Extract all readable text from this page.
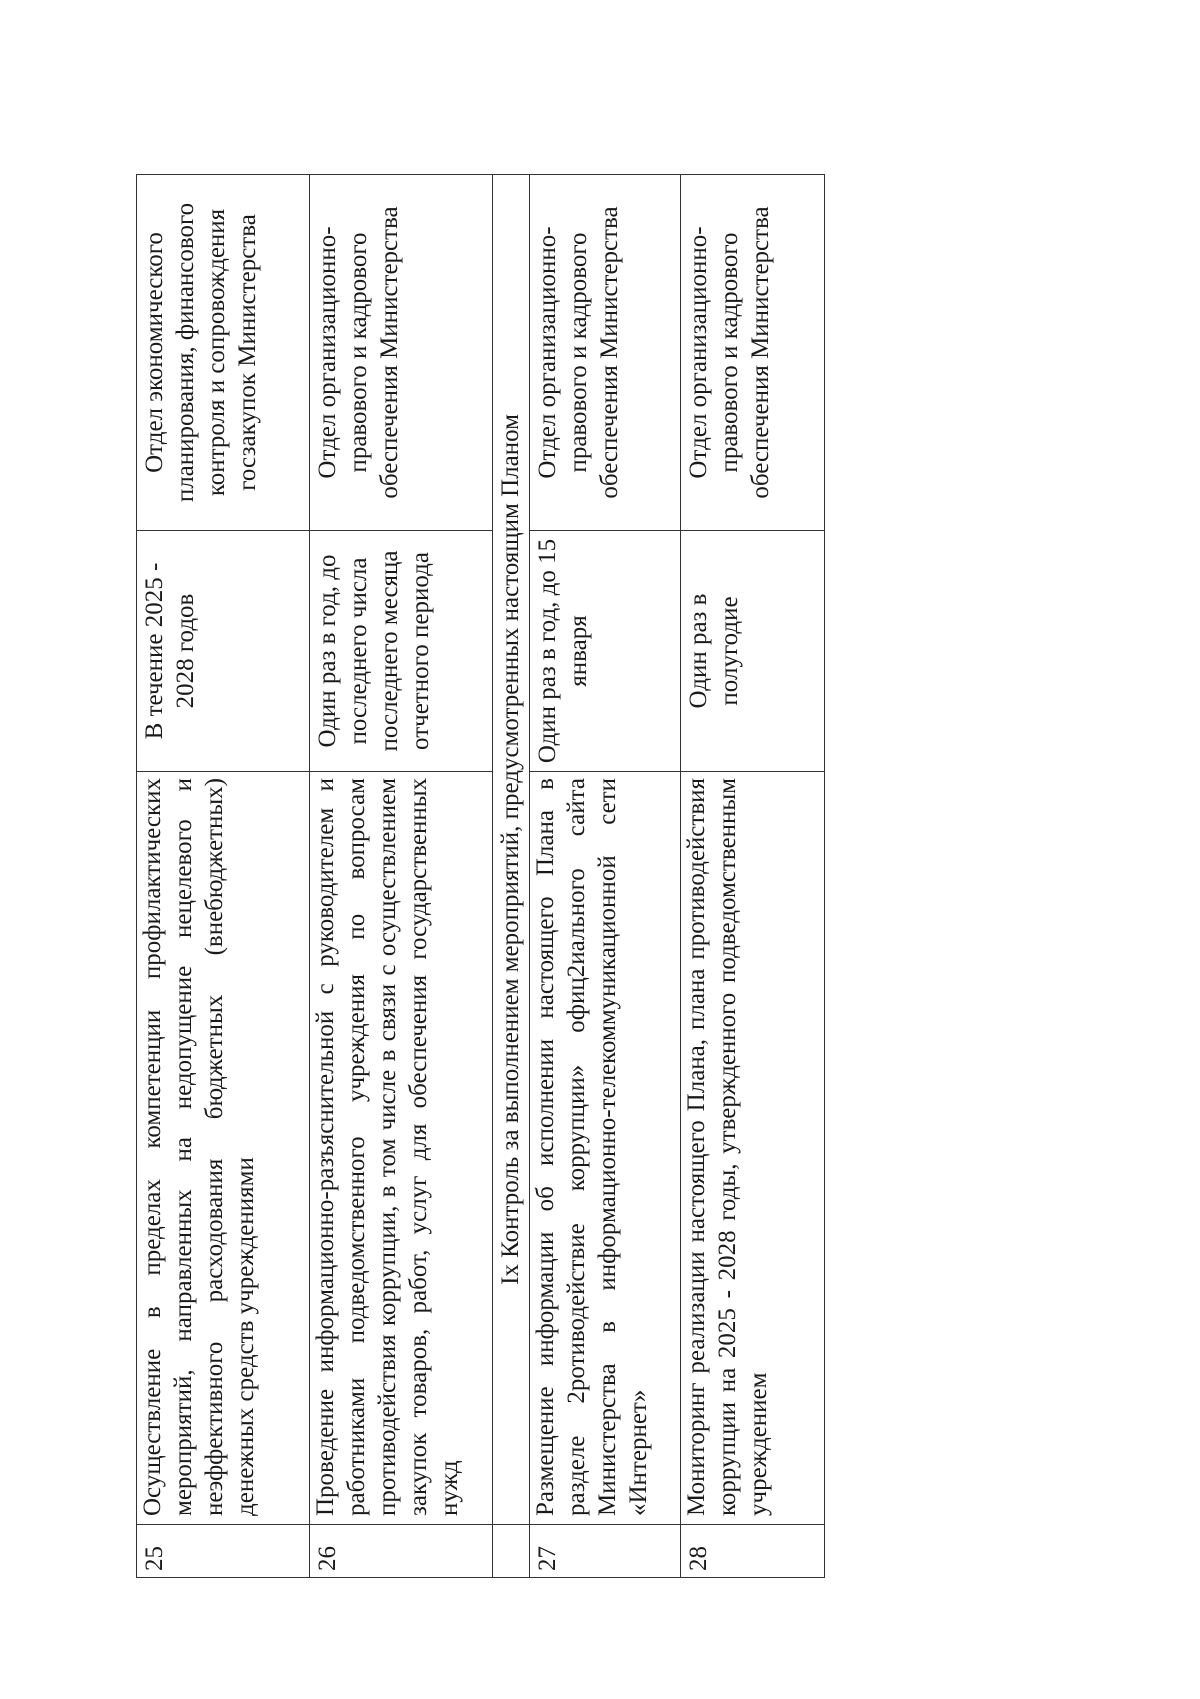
25	Осуществление в пределах компетенции профилактических мероприятий, направленных на недопущение нецелевого и неэффективного расходования бюджетных (внебюджетных) денежных средств учреждениями	В течение 2025 - 2028 годов	Отдел экономического планирования, финансового контроля и сопровождения госзакупок Министерства
26	Проведение информационно-разъяснительной с руководителем и работниками подведомственного учреждения по вопросам противодействия коррупции, в том числе в связи с осуществлением закупок товаров, работ, услуг для обеспечения государственных нужд	Один раз в год, до последнего числа последнего месяца отчетного периода	Отдел организационно-правового и кадрового обеспечения Министерства
	Iх Контроль за выполнением мероприятий, предусмотренных настоящим Планом		
27	Размещение информации об исполнении настоящего Плана в разделе 2ротиводействие коррупции» офиц2иального сайта Министерства в информационно-телекоммуникационной сети «Интернет»	Один раз в год, до 15 января	Отдел организационно-правового и кадрового обеспечения Министерства
28	Мониторинг реализации настоящего Плана, плана противодействия коррупции на 2025 - 2028 годы, утвержденного подведомственным учреждением	Один раз в полугодие	Отдел организационно-правового и кадрового обеспечения Министерства
